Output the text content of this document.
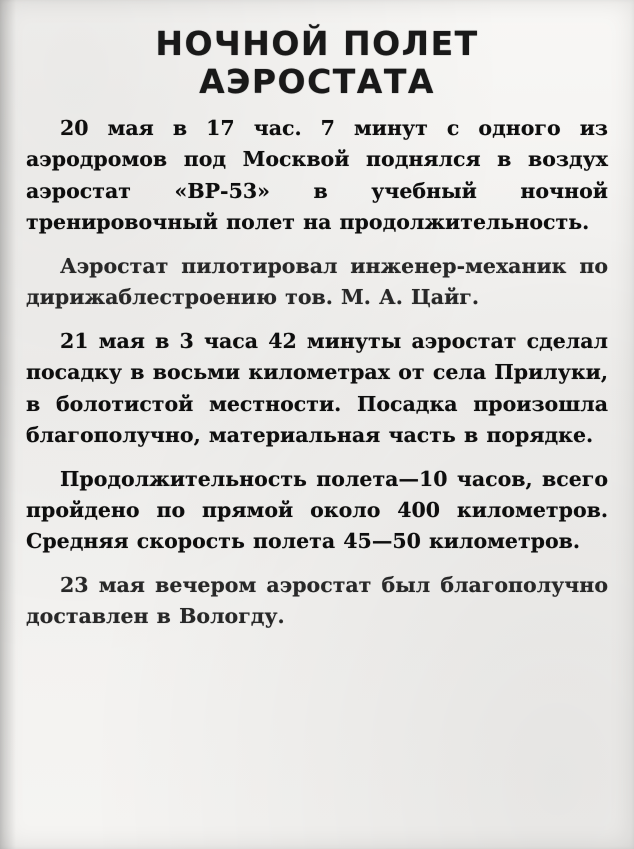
НОЧНОЙ ПОЛЕТ
АЭРОСТАТА

20 мая в 17 час. 7 минут с одного из аэродромов под Москвой поднялся в воздух аэростат «ВР-53» в учебный ночной тренировочный полет на продолжительность.

Аэростат пилотировал инженер-механик по дирижаблестроению тов. М. А. Цайг.

21 мая в 3 часа 42 минуты аэростат сделал посадку в восьми километрах от села Прилуки, в болотистой местности. Посадка произошла благополучно, материальная часть в порядке.

Продолжительность полета—10 часов, всего пройдено по прямой около 400 километров. Средняя скорость полета 45—50 километров.

23 мая вечером аэростат был благополучно доставлен в Вологду.
